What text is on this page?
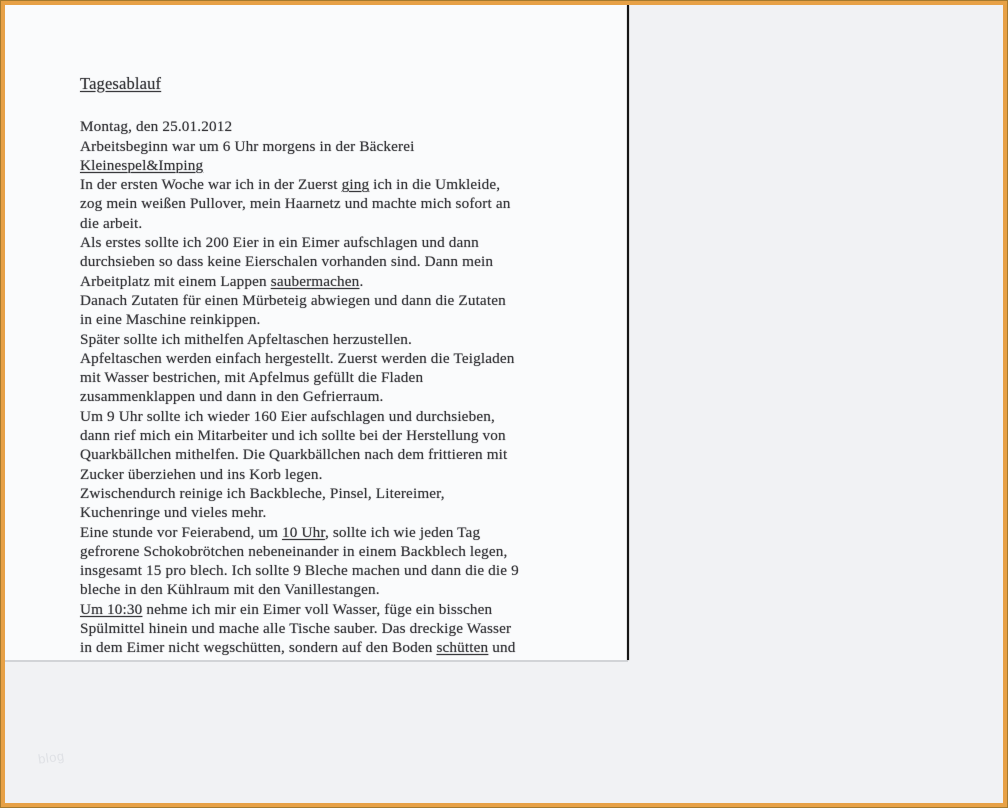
Tagesablauf
Montag, den 25.01.2012
Arbeitsbeginn war um 6 Uhr morgens in der Bäckerei
Kleinespel&Imping
In der ersten Woche war ich in der Zuerst ging ich in die Umkleide,
zog mein weißen Pullover, mein Haarnetz und machte mich sofort an
die arbeit.
Als erstes sollte ich 200 Eier in ein Eimer aufschlagen und dann
durchsieben so dass keine Eierschalen vorhanden sind. Dann mein
Arbeitplatz mit einem Lappen saubermachen.
Danach Zutaten für einen Mürbeteig abwiegen und dann die Zutaten
in eine Maschine reinkippen.
Später sollte ich mithelfen Apfeltaschen herzustellen.
Apfeltaschen werden einfach hergestellt. Zuerst werden die Teigladen
mit Wasser bestrichen, mit Apfelmus gefüllt die Fladen
zusammenklappen und dann in den Gefrierraum.
Um 9 Uhr sollte ich wieder 160 Eier aufschlagen und durchsieben,
dann rief mich ein Mitarbeiter und ich sollte bei der Herstellung von
Quarkbällchen mithelfen. Die Quarkbällchen nach dem frittieren mit
Zucker überziehen und ins Korb legen.
Zwischendurch reinige ich Backbleche, Pinsel, Litereimer,
Kuchenringe und vieles mehr.
Eine stunde vor Feierabend, um 10 Uhr, sollte ich wie jeden Tag
gefrorene Schokobrötchen nebeneinander in einem Backblech legen,
insgesamt 15 pro blech. Ich sollte 9 Bleche machen und dann die die 9
bleche in den Kühlraum mit den Vanillestangen.
Um 10:30 nehme ich mir ein Eimer voll Wasser, füge ein bisschen
Spülmittel hinein und mache alle Tische sauber. Das dreckige Wasser
in dem Eimer nicht wegschütten, sondern auf den Boden schütten und
blog
